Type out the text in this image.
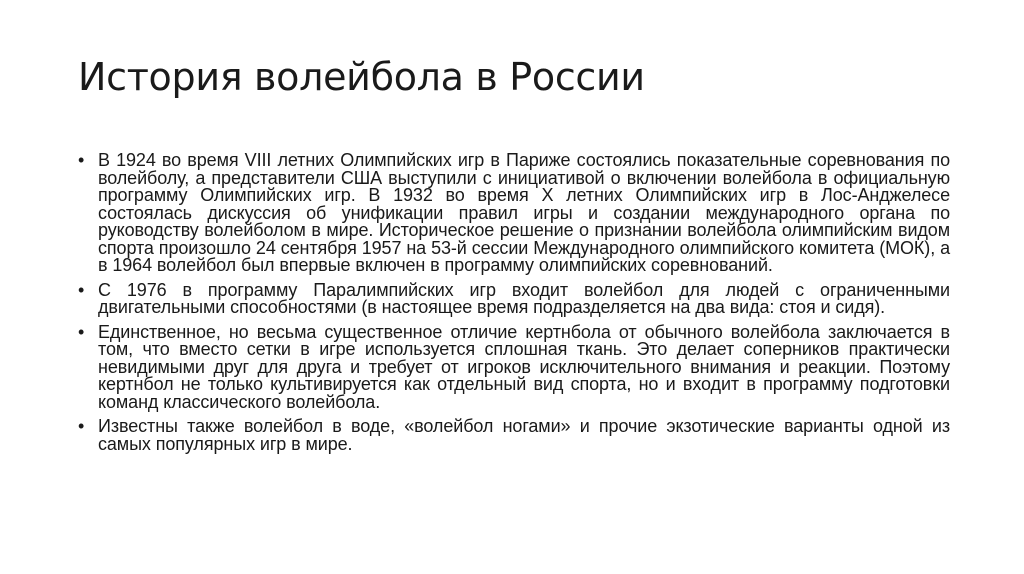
История волейбола в России
• В 1924 во время VIII летних Олимпийских игр в Париже состоялись показательные соревнования по волейболу, а представители США выступили с инициативой о включении волейбола в официальную программу Олимпийских игр. В 1932 во время X летних Олимпийских игр в Лос-Анджелесе состоялась дискуссия об унификации правил игры и создании международного органа по руководству волейболом в мире. Историческое решение о признании волейбола олимпийским видом спорта произошло 24 сентября 1957 на 53-й сессии Международного олимпийского комитета (МОК), а в 1964 волейбол был впервые включен в программу олимпийских соревнований.
• С 1976 в программу Паралимпийских игр входит волейбол для людей с ограниченными двигательными способностями (в настоящее время подразделяется на два вида: стоя и сидя).
• Единственное, но весьма существенное отличие кертнбола от обычного волейбола заключается в том, что вместо сетки в игре используется сплошная ткань. Это делает соперников практически невидимыми друг для друга и требует от игроков исключительного внимания и реакции. Поэтому кертнбол не только культивируется как отдельный вид спорта, но и входит в программу подготовки команд классического волейбола.
• Известны также волейбол в воде, «волейбол ногами» и прочие экзотические варианты одной из самых популярных игр в мире.
